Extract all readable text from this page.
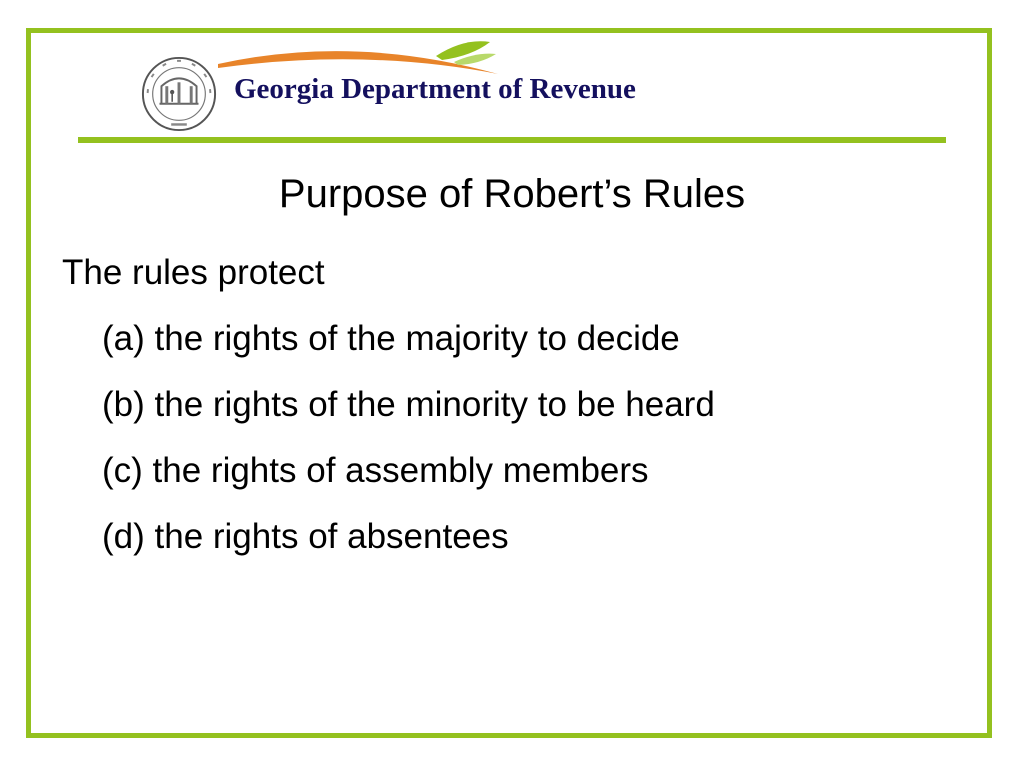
Georgia Department of Revenue
Purpose of Robert’s Rules
The rules protect
(a) the rights of the majority to decide
(b) the rights of the minority to be heard
(c) the rights of assembly members
(d) the rights of absentees
